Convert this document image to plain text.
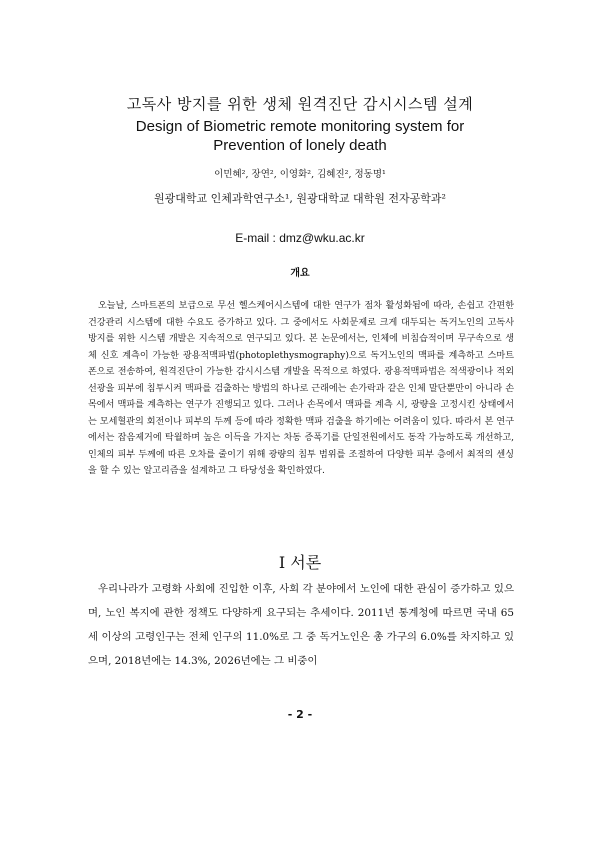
고독사 방지를 위한 생체 원격진단 감시시스템 설계
Design of Biometric remote monitoring system for
Prevention of lonely death
이민혜², 장연², 이영화², 김혜진², 정동명¹
원광대학교 인체과학연구소¹, 원광대학교 대학원 전자공학과²
E-mail : dmz@wku.ac.kr
개요

오늘날, 스마트폰의 보급으로 무선 헬스케어시스템에 대한 연구가 점차 활성화됨에 따라, 손쉽고 간편한 건강관리 시스템에 대한 수요도 증가하고 있다. 그 중에서도 사회문제로 크게 대두되는 독거노인의 고독사 방지를 위한 시스템 개발은 지속적으로 연구되고 있다. 본 논문에서는, 인체에 비침습적이며 무구속으로 생체 신호 계측이 가능한 광용적맥파법(photoplethysmography)으로 독거노인의 맥파를 계측하고 스마트 폰으로 전송하여, 원격진단이 가능한 감시시스템 개발을 목적으로 하였다. 광용적맥파법은 적색광이나 적외선광을 피부에 침투시켜 맥파를 검출하는 방법의 하나로 근래에는 손가락과 같은 인체 말단뿐만이 아니라 손목에서 맥파를 계측하는 연구가 진행되고 있다. 그러나 손목에서 맥파를 계측 시, 광량을 고정시킨 상태에서는 모세혈관의 회전이나 피부의 두께 등에 따라 정확한 맥파 검출을 하기에는 어려움이 있다. 따라서 본 연구에서는 잡음제거에 탁월하며 높은 이득을 가지는 차동 증폭기를 단일전원에서도 동작 가능하도록 개선하고, 인체의 피부 두께에 따른 오차를 줄이기 위해 광량의 침투 범위를 조절하여 다양한 피부 층에서 최적의 센싱을 할 수 있는 알고리즘을 설계하고 그 타당성을 확인하였다.

I 서론

우리나라가 고령화 사회에 진입한 이후, 사회 각 분야에서 노인에 대한 관심이 증가하고 있으며, 노인 복지에 관한 정책도 다양하게 요구되는 추세이다. 2011년 통계청에 따르면 국내 65세 이상의 고령인구는 전체 인구의 11.0%로 그 중 독거노인은 총 가구의 6.0%를 차지하고 있으며, 2018년에는 14.3%, 2026년에는 그 비중이

- 2 -
